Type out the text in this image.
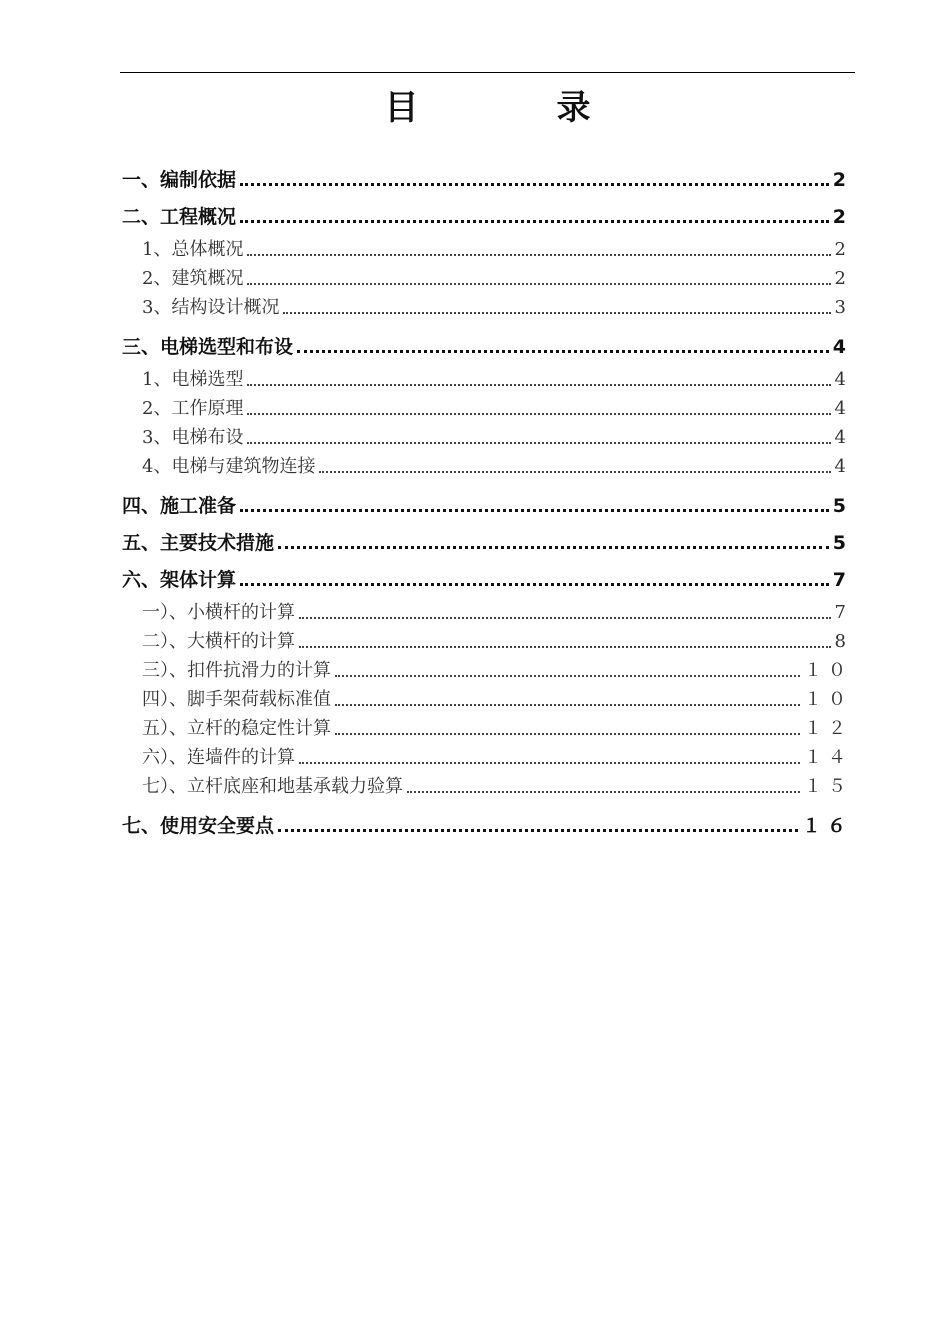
目　录
一、编制依据	2
二、工程概况	2
1、总体概况	2
2、建筑概况	2
3、结构设计概况	3
三、电梯选型和布设	4
1、电梯选型	4
2、工作原理	4
3、电梯布设	4
4、电梯与建筑物连接	4
四、施工准备	5
五、主要技术措施	5
六、架体计算	7
一）、小横杆的计算	7
二）、大横杆的计算	8
三）、扣件抗滑力的计算	１０
四）、脚手架荷载标准值	１０
五）、立杆的稳定性计算	１２
六）、连墙件的计算	１４
七）、立杆底座和地基承载力验算	１５
七、使用安全要点	１６
